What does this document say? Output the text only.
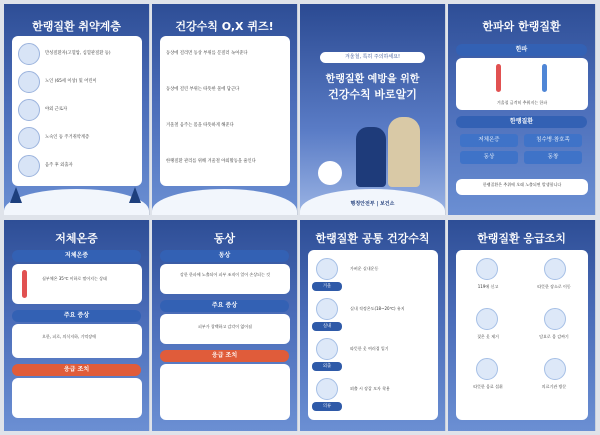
한랭질환 취약계층
만성질환자(고혈압, 심혈관질환 등)
노인 (65세 이상) 및 어린이
야외 근로자
노숙인 등 주거취약계층
음주 후 외출자
건강수칙 O,X 퀴즈!
동상에 걸리면 동상 부위를 문질러 녹여준다
동상에 걸린 부위는 따뜻한 물에 담근다
겨울철 음주는 몸을 따뜻하게 해준다
한랭질환 관리를 위해 겨울철 야외활동을 줄인다
겨울철, 특히 주의하세요!
한랭질환 예방을 위한
건강수칙 바로알기
행정안전부 | 보건소
한파와 한랭질환
한파
겨울철 급격히 추워지는 한파
한랭질환
저체온증	침수병·참호족
동상	동창
한랭질환은 추위에 오래 노출되면 발생합니다
저체온증
저체온증
심부체온 35℃ 이하로 떨어지는 상태
주요 증상
오한, 피로, 의식저하, 기억장애
응급 조치
동상
동상
강한 한파에 노출되어 피부 조직이 얼어 손상되는 것
주요 증상
피부가 창백하고 감각이 없어짐
응급 조치
한랭질환 공통 건강수칙
겨울
가벼운 실내운동
실내
실내 적정온도(18~20℃) 유지
외출
따뜻한 옷 여러겹 입기
의류
외출 시 장갑 모자 착용
한랭질환 응급조치
119에 신고	따뜻한 장소로 이동
젖은 옷 제거	담요로 몸 감싸기
따뜻한 음료 섭취	의료기관 방문
